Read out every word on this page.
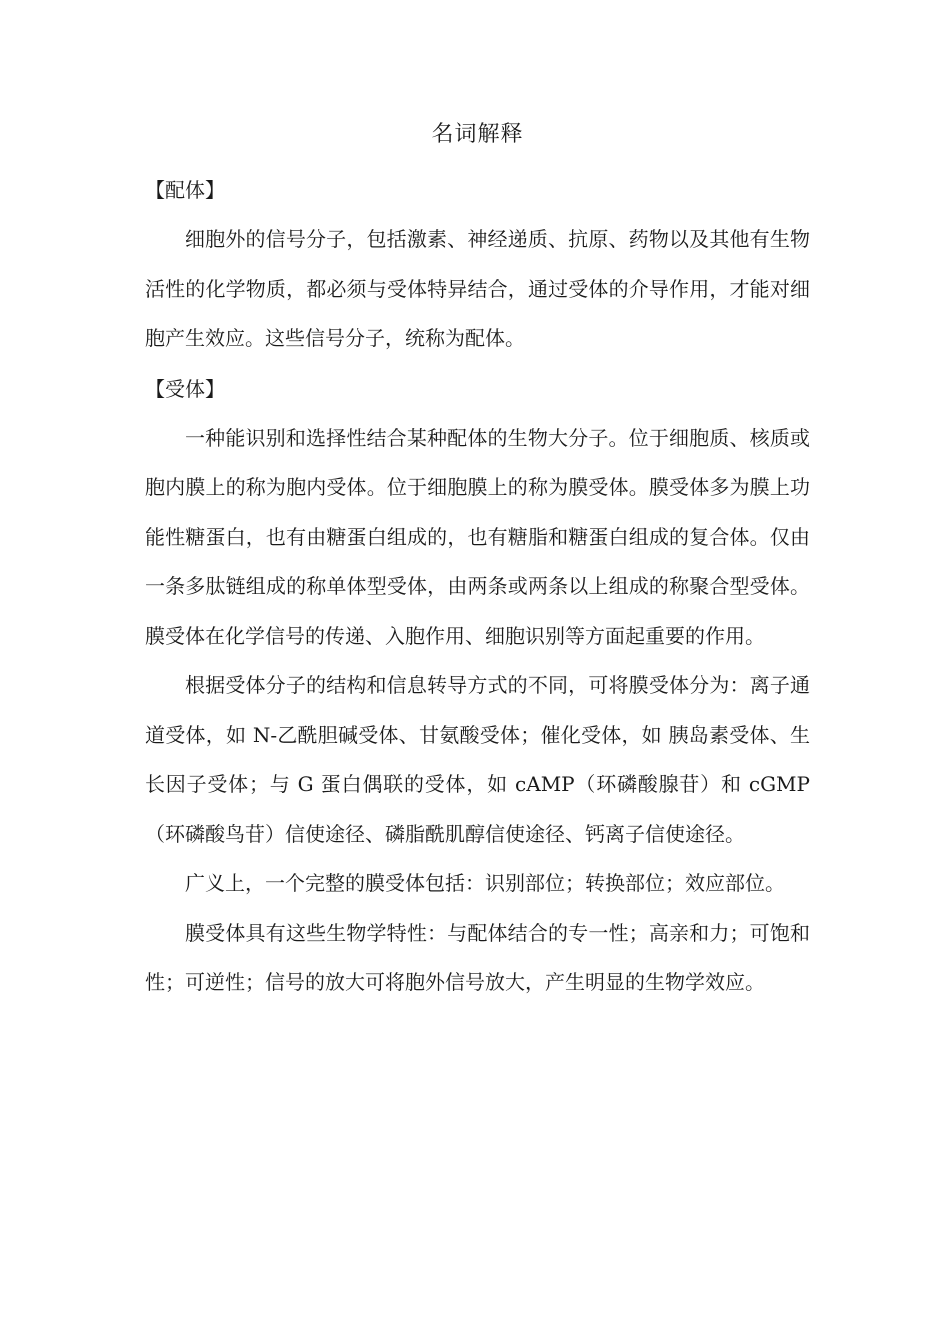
名词解释

【配体】

细胞外的信号分子，包括激素、神经递质、抗原、药物以及其他有生物活性的化学物质，都必须与受体特异结合，通过受体的介导作用，才能对细胞产生效应。这些信号分子，统称为配体。

【受体】

一种能识别和选择性结合某种配体的生物大分子。位于细胞质、核质或胞内膜上的称为胞内受体。位于细胞膜上的称为膜受体。膜受体多为膜上功能性糖蛋白，也有由糖蛋白组成的，也有糖脂和糖蛋白组成的复合体。仅由一条多肽链组成的称单体型受体，由两条或两条以上组成的称聚合型受体。膜受体在化学信号的传递、入胞作用、细胞识别等方面起重要的作用。

根据受体分子的结构和信息转导方式的不同，可将膜受体分为：离子通道受体，如 N-乙酰胆碱受体、甘氨酸受体；催化受体，如 胰岛素受体、生长因子受体；与 G 蛋白偶联的受体，如 cAMP（环磷酸腺苷）和 cGMP（环磷酸鸟苷）信使途径、磷脂酰肌醇信使途径、钙离子信使途径。

广义上，一个完整的膜受体包括：识别部位；转换部位；效应部位。

膜受体具有这些生物学特性：与配体结合的专一性；高亲和力；可饱和性；可逆性；信号的放大可将胞外信号放大，产生明显的生物学效应。
